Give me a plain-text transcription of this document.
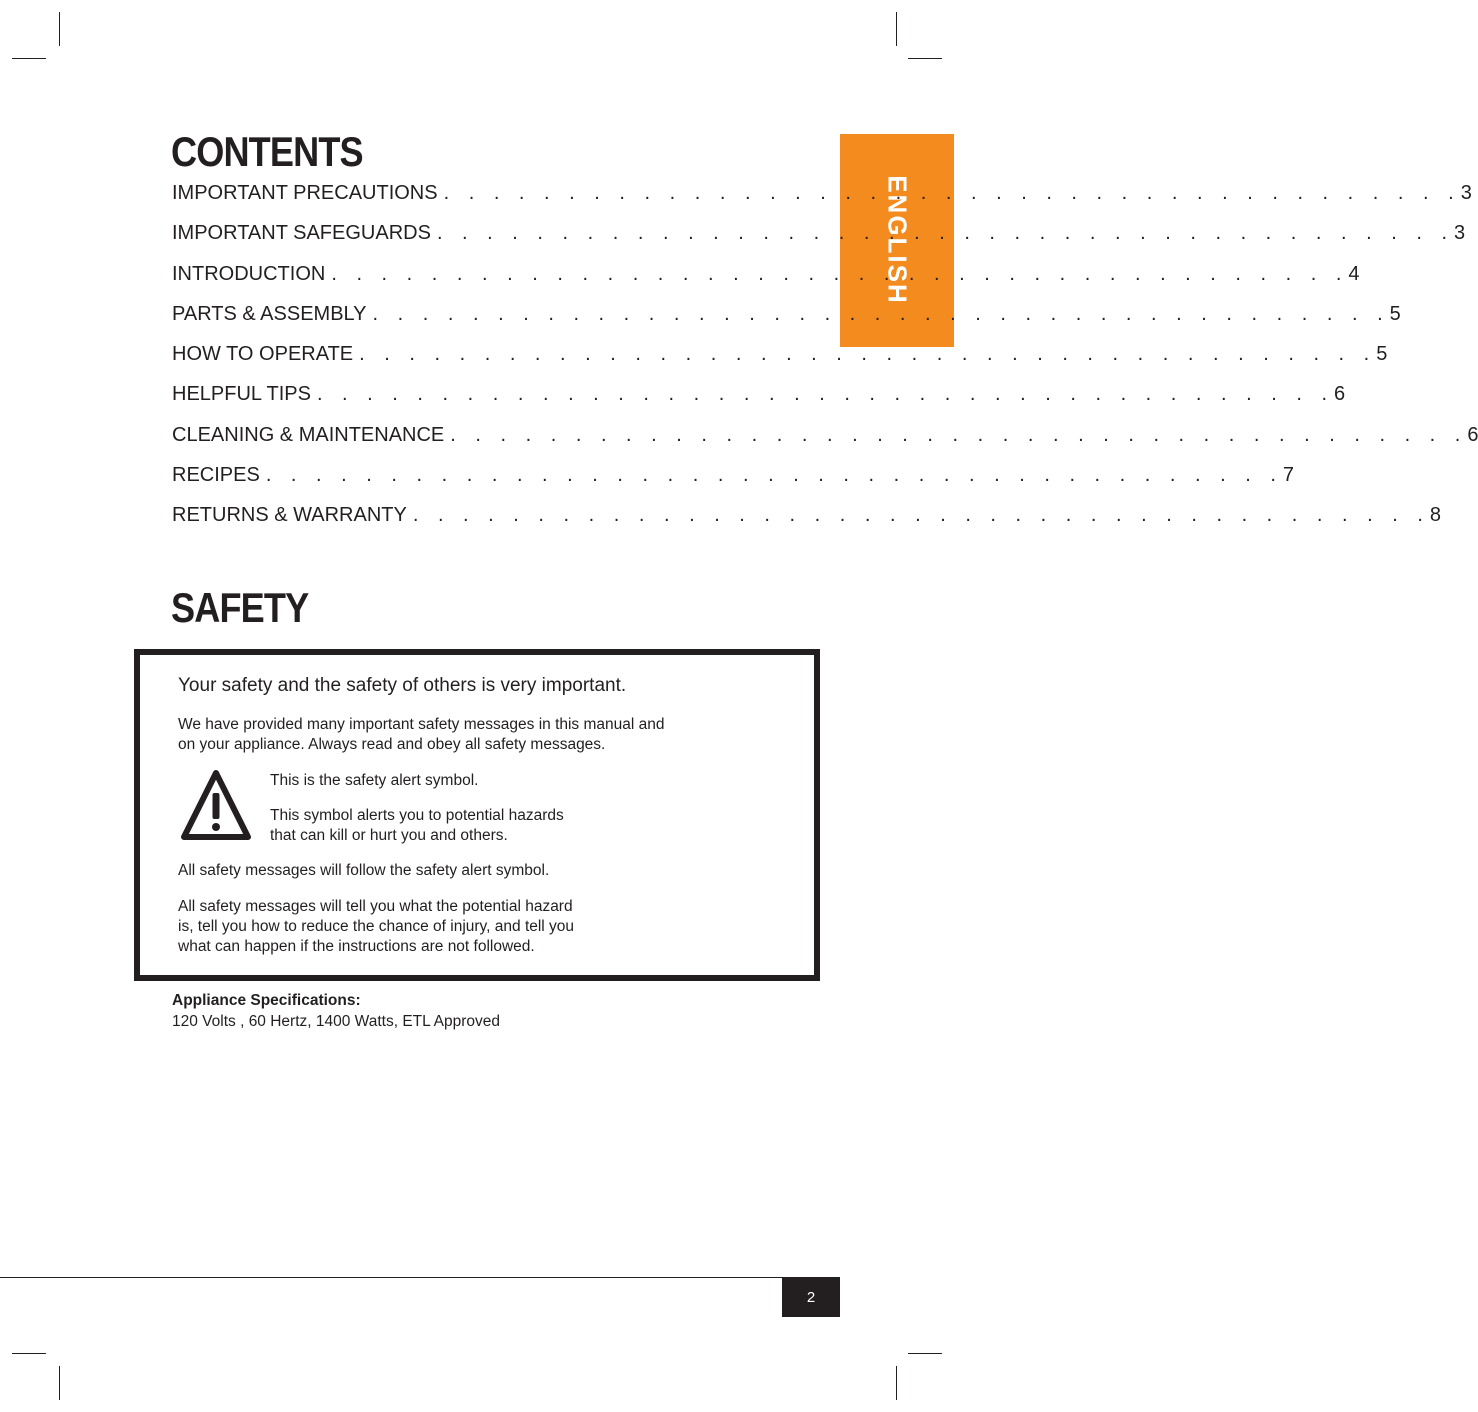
ENGLISH
CONTENTS
IMPORTANT PRECAUTIONS . . . . . . . . . . . . . . . . . . . . . . . . . . . . . . . . . . . . . . . . . 3
IMPORTANT SAFEGUARDS . . . . . . . . . . . . . . . . . . . . . . . . . . . . . . . . . . . . . . . . . 3
INTRODUCTION . . . . . . . . . . . . . . . . . . . . . . . . . . . . . . . . . . . . . . . . . 4
PARTS & ASSEMBLY . . . . . . . . . . . . . . . . . . . . . . . . . . . . . . . . . . . . . . . . . 5
HOW TO OPERATE . . . . . . . . . . . . . . . . . . . . . . . . . . . . . . . . . . . . . . . . . 5
HELPFUL TIPS . . . . . . . . . . . . . . . . . . . . . . . . . . . . . . . . . . . . . . . . . 6
CLEANING & MAINTENANCE . . . . . . . . . . . . . . . . . . . . . . . . . . . . . . . . . . . . . . . . . 6
RECIPES . . . . . . . . . . . . . . . . . . . . . . . . . . . . . . . . . . . . . . . . . 7
RETURNS & WARRANTY . . . . . . . . . . . . . . . . . . . . . . . . . . . . . . . . . . . . . . . . . 8
SAFETY

Your safety and the safety of others is very important.

We have provided many important safety messages in this manual and
on your appliance. Always read and obey all safety messages.

This is the safety alert symbol.

This symbol alerts you to potential hazards
that can kill or hurt you and others.

All safety messages will follow the safety alert symbol.

All safety messages will tell you what the potential hazard
is, tell you how to reduce the chance of injury, and tell you
what can happen if the instructions are not followed.

Appliance Specifications:
120 Volts , 60 Hertz, 1400 Watts, ETL Approved
2
